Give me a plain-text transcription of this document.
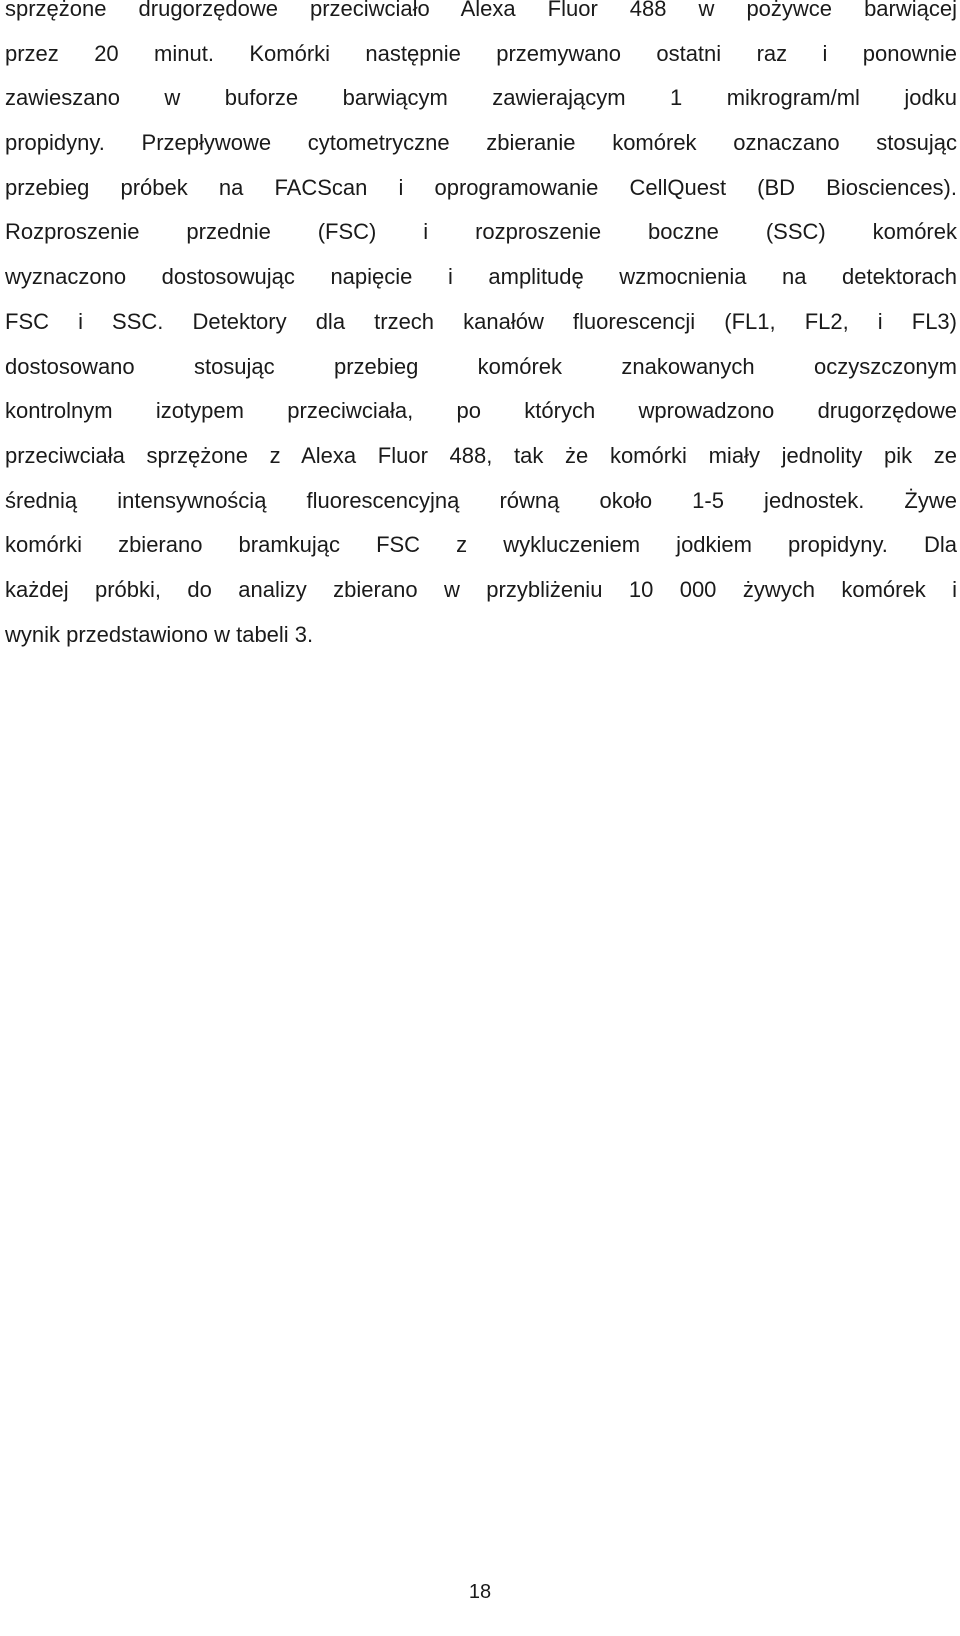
sprzężone drugorzędowe przeciwciało Alexa Fluor 488 w pożywce barwiącej
przez 20 minut. Komórki następnie przemywano ostatni raz i ponownie
zawieszano w buforze barwiącym zawierającym 1 mikrogram/ml jodku
propidyny. Przepływowe cytometryczne zbieranie komórek oznaczano stosując
przebieg próbek na FACScan i oprogramowanie CellQuest (BD Biosciences).
Rozproszenie przednie (FSC) i rozproszenie boczne (SSC) komórek
wyznaczono dostosowując napięcie i amplitudę wzmocnienia na detektorach
FSC i SSC. Detektory dla trzech kanałów fluorescencji (FL1, FL2, i FL3)
dostosowano stosując przebieg komórek znakowanych oczyszczonym
kontrolnym izotypem przeciwciała, po których wprowadzono drugorzędowe
przeciwciała sprzężone z Alexa Fluor 488, tak że komórki miały jednolity pik ze
średnią intensywnością fluorescencyjną równą około 1-5 jednostek. Żywe
komórki zbierano bramkując FSC z wykluczeniem jodkiem propidyny. Dla
każdej próbki, do analizy zbierano w przybliżeniu 10 000 żywych komórek i
wynik przedstawiono w tabeli 3.
18
